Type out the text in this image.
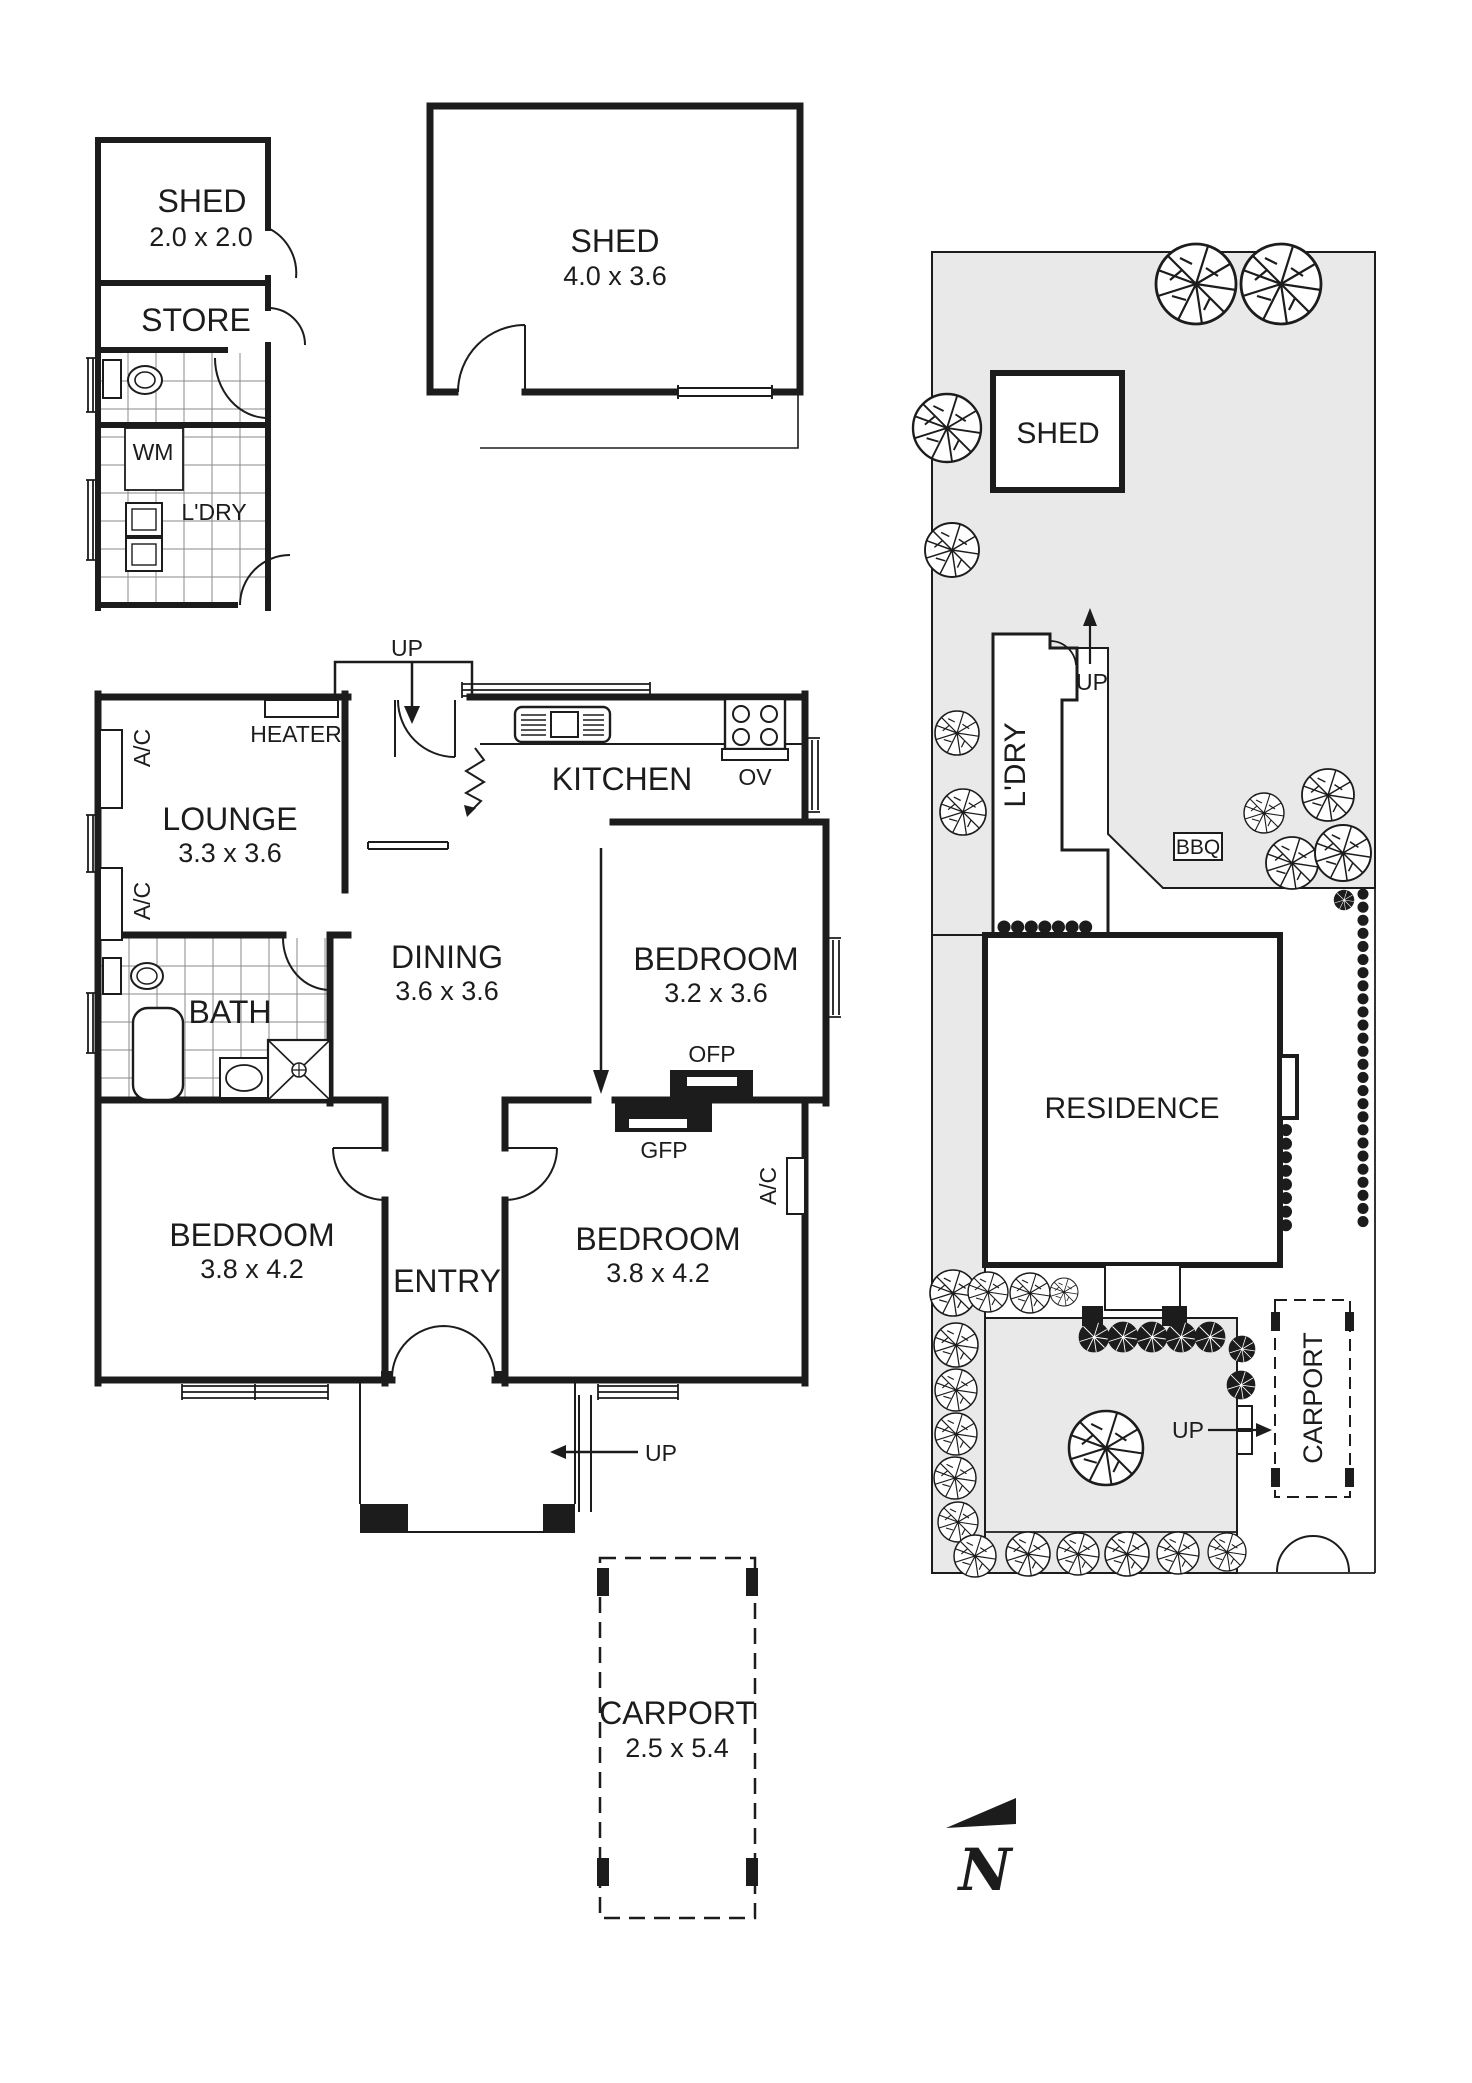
SHED
2.0 x 2.0
STORE
WM
L'DRY
SHED
4.0 x 3.6
UP
HEATER
OV
KITCHEN
A/C
A/C
LOUNGE
3.3 x 3.6
BATH
DINING
3.6 x 3.6
BEDROOM
3.2 x 3.6
OFP
GFP
BEDROOM
3.8 x 4.2	ENTRY
BEDROOM
3.8 x 4.2
A/C
UP
CARPORT
2.5 x 5.4
SHED
L'DRY
UP
BBQ
RESIDENCE
CARPORT
UP
N
